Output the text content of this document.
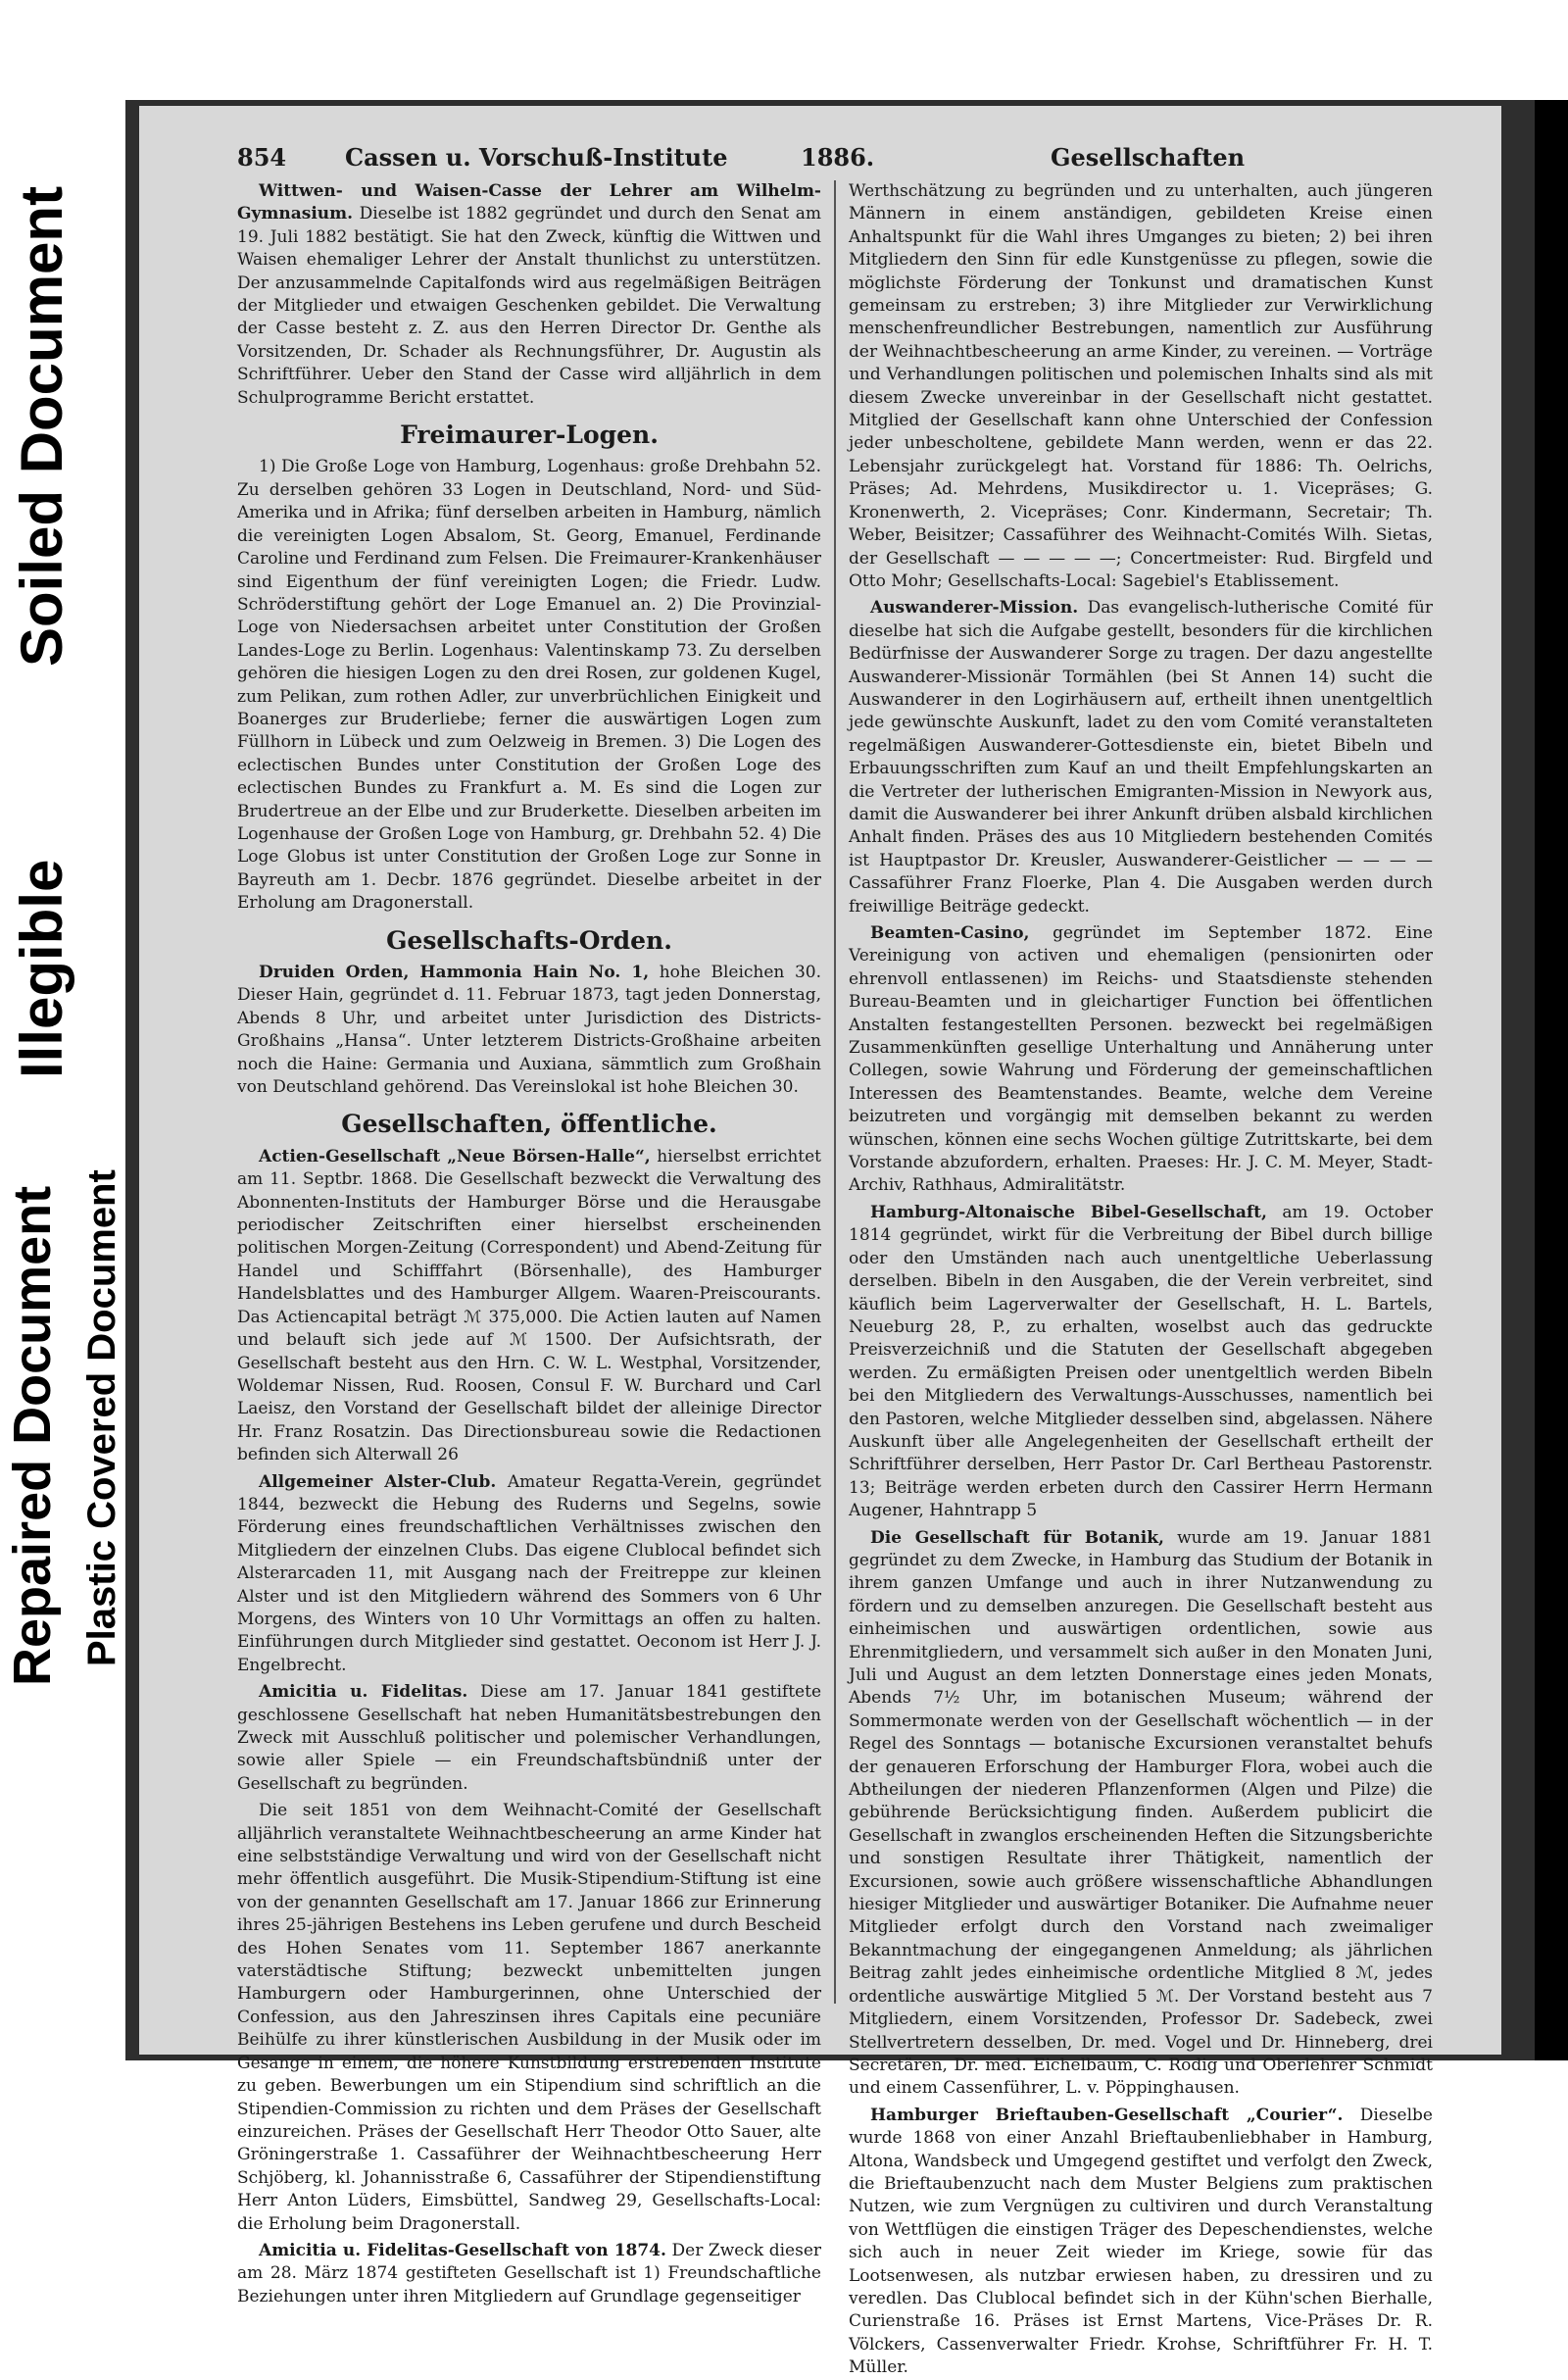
Soiled Document
Illegible
Repaired Document Plastic Covered Document
854 Cassen u. Vorschuß-Institute	1886.	Gesellschaften

Wittwen- und Waisen-Casse der Lehrer am Wilhelm-Gymnasium. Dieselbe ist 1882 gegründet und durch den Senat am 19. Juli 1882 bestätigt. Sie hat den Zweck, künftig die Wittwen und Waisen ehemaliger Lehrer der Anstalt thunlichst zu unterstützen. Der anzusammelnde Capitalfonds wird aus regelmäßigen Beiträgen der Mitglieder und etwaigen Geschenken gebildet. Die Verwaltung der Casse besteht z. Z. aus den Herren Director Dr. Genthe als Vorsitzenden, Dr. Schader als Rechnungsführer, Dr. Augustin als Schriftführer. Ueber den Stand der Casse wird alljährlich in dem Schulprogramme Bericht erstattet.

Freimaurer-Logen.

1) Die Große Loge von Hamburg, Logenhaus: große Drehbahn 52. Zu derselben gehören 33 Logen in Deutschland, Nord- und Süd-Amerika und in Afrika; fünf derselben arbeiten in Hamburg, nämlich die vereinigten Logen Absalom, St. Georg, Emanuel, Ferdinande Caroline und Ferdinand zum Felsen. Die Freimaurer-Krankenhäuser sind Eigenthum der fünf vereinigten Logen; die Friedr. Ludw. Schröderstiftung gehört der Loge Emanuel an. 2) Die Provinzial-Loge von Niedersachsen arbeitet unter Constitution der Großen Landes-Loge zu Berlin. Logenhaus: Valentinskamp 73. Zu derselben gehören die hiesigen Logen zu den drei Rosen, zur goldenen Kugel, zum Pelikan, zum rothen Adler, zur unverbrüchlichen Einigkeit und Boanerges zur Bruderliebe; ferner die auswärtigen Logen zum Füllhorn in Lübeck und zum Oelzweig in Bremen. 3) Die Logen des eclectischen Bundes unter Constitution der Großen Loge des eclectischen Bundes zu Frankfurt a. M. Es sind die Logen zur Brudertreue an der Elbe und zur Bruderkette. Dieselben arbeiten im Logenhause der Großen Loge von Hamburg, gr. Drehbahn 52. 4) Die Loge Globus ist unter Constitution der Großen Loge zur Sonne in Bayreuth am 1. Decbr. 1876 gegründet. Dieselbe arbeitet in der Erholung am Dragonerstall.

Gesellschafts-Orden.

Druiden Orden, Hammonia Hain No. 1, hohe Bleichen 30. Dieser Hain, gegründet d. 11. Februar 1873, tagt jeden Donnerstag, Abends 8 Uhr, und arbeitet unter Jurisdiction des Districts-Großhains „Hansa“. Unter letzterem Districts-Großhaine arbeiten noch die Haine: Germania und Auxiana, sämmtlich zum Großhain von Deutschland gehörend. Das Vereinslokal ist hohe Bleichen 30.

Gesellschaften, öffentliche.

Actien-Gesellschaft „Neue Börsen-Halle“, hierselbst errichtet am 11. Septbr. 1868. Die Gesellschaft bezweckt die Verwaltung des Abonnenten-Instituts der Hamburger Börse und die Herausgabe periodischer Zeitschriften einer hierselbst erscheinenden politischen Morgen-Zeitung (Correspondent) und Abend-Zeitung für Handel und Schifffahrt (Börsenhalle), des Hamburger Handelsblattes und des Hamburger Allgem. Waaren-Preiscourants. Das Actiencapital beträgt ℳ 375,000. Die Actien lauten auf Namen und belauft sich jede auf ℳ 1500. Der Aufsichtsrath, der Gesellschaft besteht aus den Hrn. C. W. L. Westphal, Vorsitzender, Woldemar Nissen, Rud. Roosen, Consul F. W. Burchard und Carl Laeisz, den Vorstand der Gesellschaft bildet der alleinige Director Hr. Franz Rosatzin. Das Directionsbureau sowie die Redactionen befinden sich Alterwall 26

Allgemeiner Alster-Club. Amateur Regatta-Verein, gegründet 1844, bezweckt die Hebung des Ruderns und Segelns, sowie Förderung eines freundschaftlichen Verhältnisses zwischen den Mitgliedern der einzelnen Clubs. Das eigene Clublocal befindet sich Alsterarcaden 11, mit Ausgang nach der Freitreppe zur kleinen Alster und ist den Mitgliedern während des Sommers von 6 Uhr Morgens, des Winters von 10 Uhr Vormittags an offen zu halten. Einführungen durch Mitglieder sind gestattet. Oeconom ist Herr J. J. Engelbrecht.

Amicitia u. Fidelitas. Diese am 17. Januar 1841 gestiftete geschlossene Gesellschaft hat neben Humanitätsbestrebungen den Zweck mit Ausschluß politischer und polemischer Verhandlungen, sowie aller Spiele — ein Freundschaftsbündniß unter der Gesellschaft zu begründen.

Die seit 1851 von dem Weihnacht-Comité der Gesellschaft alljährlich veranstaltete Weihnachtbescheerung an arme Kinder hat eine selbstständige Verwaltung und wird von der Gesellschaft nicht mehr öffentlich ausgeführt. Die Musik-Stipendium-Stiftung ist eine von der genannten Gesellschaft am 17. Januar 1866 zur Erinnerung ihres 25-jährigen Bestehens ins Leben gerufene und durch Bescheid des Hohen Senates vom 11. September 1867 anerkannte vaterstädtische Stiftung; bezweckt unbemittelten jungen Hamburgern oder Hamburgerinnen, ohne Unterschied der Confession, aus den Jahreszinsen ihres Capitals eine pecuniäre Beihülfe zu ihrer künstlerischen Ausbildung in der Musik oder im Gesange in einem, die höhere Kunstbildung erstrebenden Institute zu geben. Bewerbungen um ein Stipendium sind schriftlich an die Stipendien-Commission zu richten und dem Präses der Gesellschaft einzureichen. Präses der Gesellschaft Herr Theodor Otto Sauer, alte Gröningerstraße 1. Cassaführer der Weihnachtbescheerung Herr Schjöberg, kl. Johannisstraße 6, Cassaführer der Stipendienstiftung Herr Anton Lüders, Eimsbüttel, Sandweg 29, Gesellschafts-Local: die Erholung beim Dragonerstall.

Amicitia u. Fidelitas-Gesellschaft von 1874. Der Zweck dieser am 28. März 1874 gestifteten Gesellschaft ist 1) Freundschaftliche Beziehungen unter ihren Mitgliedern auf Grundlage gegenseitiger

Werthschätzung zu begründen und zu unterhalten, auch jüngeren Männern in einem anständigen, gebildeten Kreise einen Anhaltspunkt für die Wahl ihres Umganges zu bieten; 2) bei ihren Mitgliedern den Sinn für edle Kunstgenüsse zu pflegen, sowie die möglichste Förderung der Tonkunst und dramatischen Kunst gemeinsam zu erstreben; 3) ihre Mitglieder zur Verwirklichung menschenfreundlicher Bestrebungen, namentlich zur Ausführung der Weihnachtbescheerung an arme Kinder, zu vereinen. — Vorträge und Verhandlungen politischen und polemischen Inhalts sind als mit diesem Zwecke unvereinbar in der Gesellschaft nicht gestattet. Mitglied der Gesellschaft kann ohne Unterschied der Confession jeder unbescholtene, gebildete Mann werden, wenn er das 22. Lebensjahr zurückgelegt hat. Vorstand für 1886: Th. Oelrichs, Präses; Ad. Mehrdens, Musikdirector u. 1. Vicepräses; G. Kronenwerth, 2. Vicepräses; Conr. Kindermann, Secretair; Th. Weber, Beisitzer; Cassaführer des Weihnacht-Comités Wilh. Sietas, der Gesellschaft — — — — —; Concertmeister: Rud. Birgfeld und Otto Mohr; Gesellschafts-Local: Sagebiel's Etablissement.

Auswanderer-Mission. Das evangelisch-lutherische Comité für dieselbe hat sich die Aufgabe gestellt, besonders für die kirchlichen Bedürfnisse der Auswanderer Sorge zu tragen. Der dazu angestellte Auswanderer-Missionär Tormählen (bei St Annen 14) sucht die Auswanderer in den Logirhäusern auf, ertheilt ihnen unentgeltlich jede gewünschte Auskunft, ladet zu den vom Comité veranstalteten regelmäßigen Auswanderer-Gottesdienste ein, bietet Bibeln und Erbauungsschriften zum Kauf an und theilt Empfehlungskarten an die Vertreter der lutherischen Emigranten-Mission in Newyork aus, damit die Auswanderer bei ihrer Ankunft drüben alsbald kirchlichen Anhalt finden. Präses des aus 10 Mitgliedern bestehenden Comités ist Hauptpastor Dr. Kreusler, Auswanderer-Geistlicher — — — — Cassaführer Franz Floerke, Plan 4. Die Ausgaben werden durch freiwillige Beiträge gedeckt.

Beamten-Casino, gegründet im September 1872. Eine Vereinigung von activen und ehemaligen (pensionirten oder ehrenvoll entlassenen) im Reichs- und Staatsdienste stehenden Bureau-Beamten und in gleichartiger Function bei öffentlichen Anstalten festangestellten Personen. bezweckt bei regelmäßigen Zusammenkünften gesellige Unterhaltung und Annäherung unter Collegen, sowie Wahrung und Förderung der gemeinschaftlichen Interessen des Beamtenstandes. Beamte, welche dem Vereine beizutreten und vorgängig mit demselben bekannt zu werden wünschen, können eine sechs Wochen gültige Zutrittskarte, bei dem Vorstande abzufordern, erhalten. Praeses: Hr. J. C. M. Meyer, Stadt-Archiv, Rathhaus, Admiralitätstr.

Hamburg-Altonaische Bibel-Gesellschaft, am 19. October 1814 gegründet, wirkt für die Verbreitung der Bibel durch billige oder den Umständen nach auch unentgeltliche Ueberlassung derselben. Bibeln in den Ausgaben, die der Verein verbreitet, sind käuflich beim Lagerverwalter der Gesellschaft, H. L. Bartels, Neueburg 28, P., zu erhalten, woselbst auch das gedruckte Preisverzeichniß und die Statuten der Gesellschaft abgegeben werden. Zu ermäßigten Preisen oder unentgeltlich werden Bibeln bei den Mitgliedern des Verwaltungs-Ausschusses, namentlich bei den Pastoren, welche Mitglieder desselben sind, abgelassen. Nähere Auskunft über alle Angelegenheiten der Gesellschaft ertheilt der Schriftführer derselben, Herr Pastor Dr. Carl Bertheau Pastorenstr. 13; Beiträge werden erbeten durch den Cassirer Herrn Hermann Augener, Hahntrapp 5

Die Gesellschaft für Botanik, wurde am 19. Januar 1881 gegründet zu dem Zwecke, in Hamburg das Studium der Botanik in ihrem ganzen Umfange und auch in ihrer Nutzanwendung zu fördern und zu demselben anzuregen. Die Gesellschaft besteht aus einheimischen und auswärtigen ordentlichen, sowie aus Ehrenmitgliedern, und versammelt sich außer in den Monaten Juni, Juli und August an dem letzten Donnerstage eines jeden Monats, Abends 7½ Uhr, im botanischen Museum; während der Sommermonate werden von der Gesellschaft wöchentlich — in der Regel des Sonntags — botanische Excursionen veranstaltet behufs der genaueren Erforschung der Hamburger Flora, wobei auch die Abtheilungen der niederen Pflanzenformen (Algen und Pilze) die gebührende Berücksichtigung finden. Außerdem publicirt die Gesellschaft in zwanglos erscheinenden Heften die Sitzungsberichte und sonstigen Resultate ihrer Thätigkeit, namentlich der Excursionen, sowie auch größere wissenschaftliche Abhandlungen hiesiger Mitglieder und auswärtiger Botaniker. Die Aufnahme neuer Mitglieder erfolgt durch den Vorstand nach zweimaliger Bekanntmachung der eingegangenen Anmeldung; als jährlichen Beitrag zahlt jedes einheimische ordentliche Mitglied 8 ℳ, jedes ordentliche auswärtige Mitglied 5 ℳ. Der Vorstand besteht aus 7 Mitgliedern, einem Vorsitzenden, Professor Dr. Sadebeck, zwei Stellvertretern desselben, Dr. med. Vogel und Dr. Hinneberg, drei Secretären, Dr. med. Eichelbaum, C. Rodig und Oberlehrer Schmidt und einem Cassenführer, L. v. Pöppinghausen.

Hamburger Brieftauben-Gesellschaft „Courier“. Dieselbe wurde 1868 von einer Anzahl Brieftaubenliebhaber in Hamburg, Altona, Wandsbeck und Umgegend gestiftet und verfolgt den Zweck, die Brieftaubenzucht nach dem Muster Belgiens zum praktischen Nutzen, wie zum Vergnügen zu cultiviren und durch Veranstaltung von Wettflügen die einstigen Träger des Depeschendienstes, welche sich auch in neuer Zeit wieder im Kriege, sowie für das Lootsenwesen, als nutzbar erwiesen haben, zu dressiren und zu veredlen. Das Clublocal befindet sich in der Kühn'schen Bierhalle, Curienstraße 16. Präses ist Ernst Martens, Vice-Präses Dr. R. Völckers, Cassenverwalter Friedr. Krohse, Schriftführer Fr. H. T. Müller.
